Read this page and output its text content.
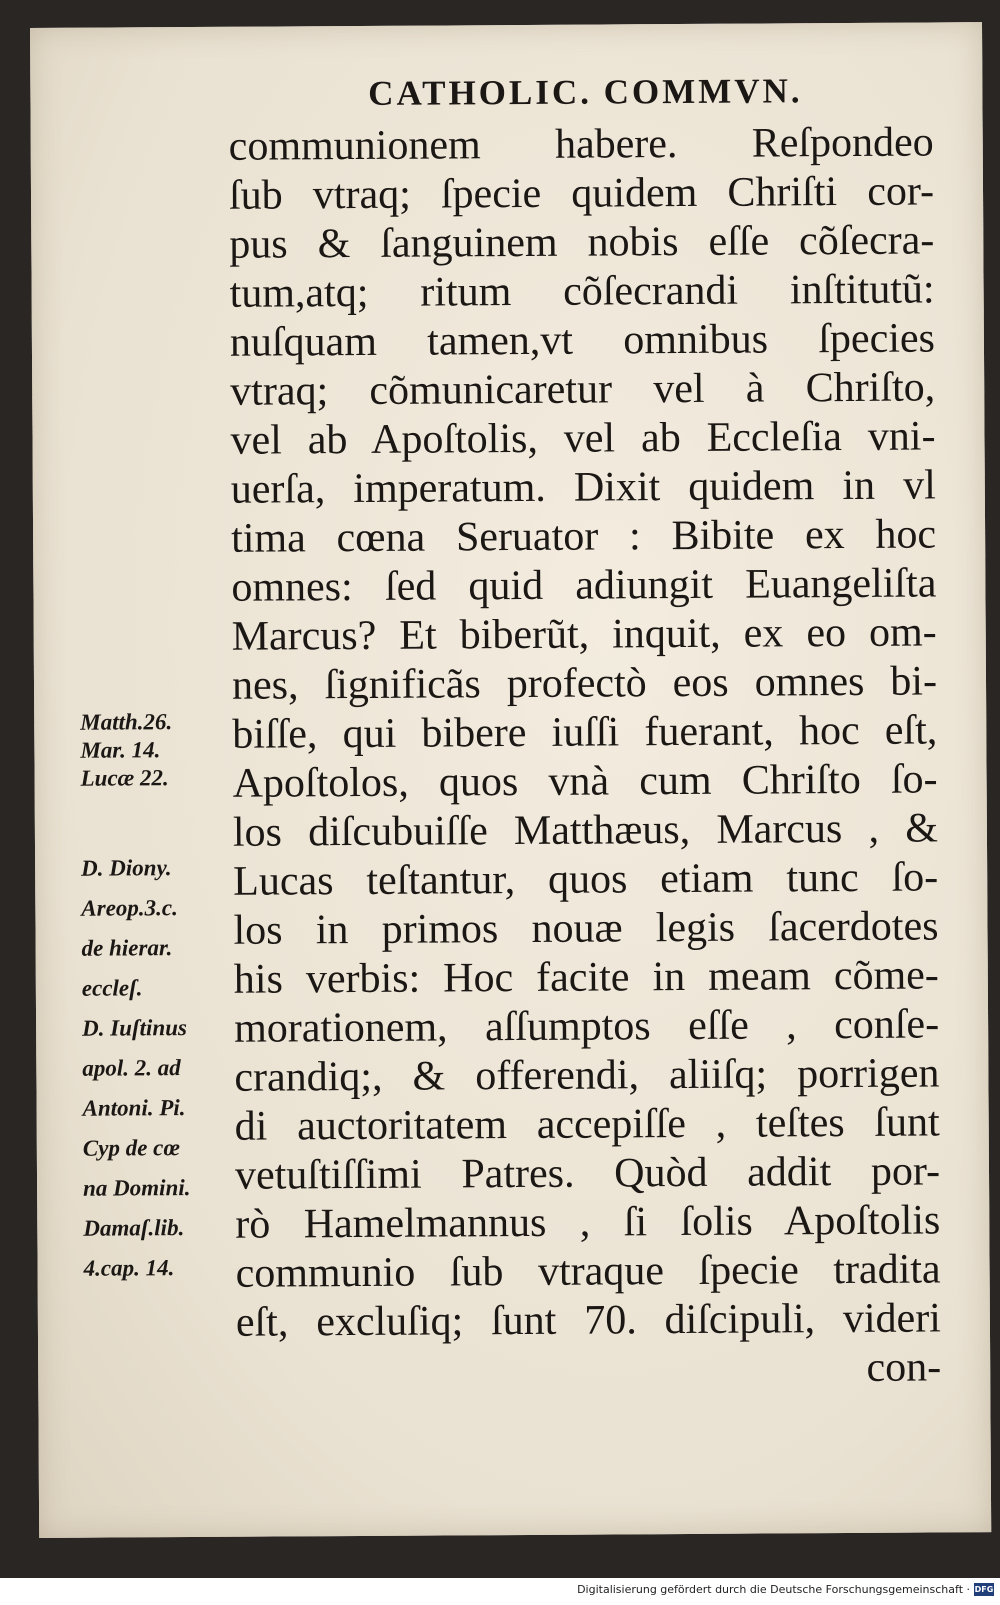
CATHOLIC. COMMVN.
communionem habere. Reſpondeo
ſub vtraq; ſpecie quidem Chriſti cor-
pus & ſanguinem nobis eſſe cõſecra-
tum,atq; ritum cõſecrandi inſtitutũ:
nuſquam tamen,vt omnibus ſpecies
vtraq; cõmunicaretur vel à Chriſto,
vel ab Apoſtolis, vel ab Eccleſia vni-
uerſa, imperatum. Dixit quidem in vl
tima cœna Seruator : Bibite ex hoc
omnes: ſed quid adiungit Euangeliſta
Marcus? Et biberũt, inquit, ex eo om-
nes, ſignificãs profectò eos omnes bi-
biſſe, qui bibere iuſſi fuerant, hoc eſt,
Apoſtolos, quos vnà cum Chriſto ſo-
los diſcubuiſſe Matthæus, Marcus , &
Lucas teſtantur, quos etiam tunc ſo-
los in primos nouæ legis ſacerdotes
his verbis: Hoc facite in meam cõme-
morationem, aſſumptos eſſe , conſe-
crandiq;, & offerendi, aliiſq; porrigen
di auctoritatem accepiſſe , teſtes ſunt
vetuſtiſſimi Patres. Quòd addit por-
rò Hamelmannus , ſi ſolis Apoſtolis
communio ſub vtraque ſpecie tradita
eſt, excluſiq; ſunt 70. diſcipuli, videri
con-
Matth.26.
Mar. 14.
Lucæ 22.
D. Diony.
Areop.3.c.
de hierar.
eccleſ.
D. Iuſtinus
apol. 2. ad
Antoni. Pi.
Cyp de cœ
na Domini.
Damaſ.lib.
4.cap. 14.
Digitalisierung gefördert durch die Deutsche Forschungsgemeinschaft · DFG
